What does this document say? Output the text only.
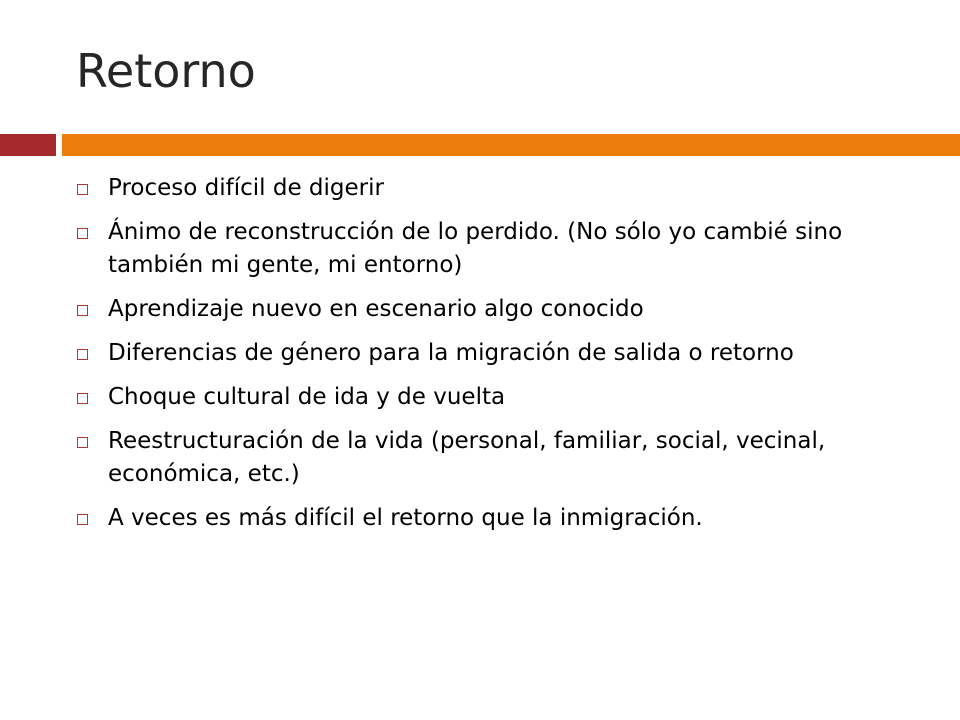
Retorno
Proceso difícil de digerir
Ánimo de reconstrucción de lo perdido. (No sólo yo cambié sino también mi gente, mi entorno)
Aprendizaje nuevo en escenario algo conocido
Diferencias de género para la migración de salida o retorno
Choque cultural de ida y de vuelta
Reestructuración de la vida (personal, familiar, social, vecinal, económica, etc.)
A veces es más difícil el retorno que la inmigración.
